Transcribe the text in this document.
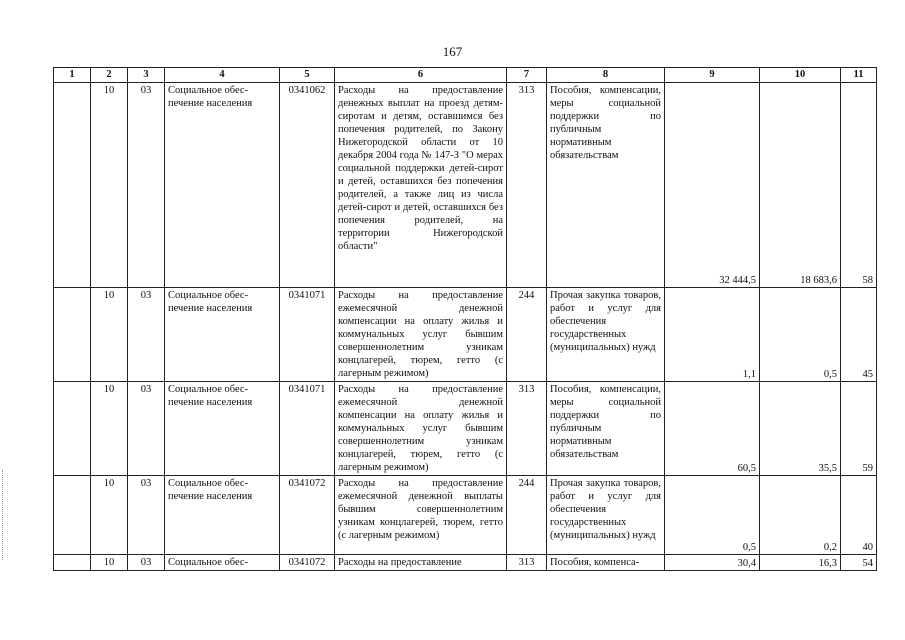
167
1	2	3	4	5	6	7	8	9	10	11
	10	03	Социальное обес-печение населения	0341062	Расходы на предоставление денежных выплат на проезд детям-сиротам и детям, оставшимся без попечения родителей, по Закону Нижегородской области от 10 декабря 2004 года № 147-З "О мерах социальной поддержки детей-сирот и детей, оставшихся без попечения родителей, а также лиц из числа детей-сирот и детей, оставшихся без попечения родителей, на территории Нижегородской области"	313	Пособия, компенсации, меры социальной поддержки по публичным нормативным обязательствам	32 444,5	18 683,6	58
	10	03	Социальное обес-печение населения	0341071	Расходы на предоставление ежемесячной денежной компенсации на оплату жилья и коммунальных услуг бывшим совершеннолетним узникам концлагерей, тюрем, гетто (с лагерным режимом)	244	Прочая закупка товаров, работ и услуг для обеспечения государственных (муниципальных) нужд	1,1	0,5	45
	10	03	Социальное обес-печение населения	0341071	Расходы на предоставление ежемесячной денежной компенсации на оплату жилья и коммунальных услуг бывшим совершеннолетним узникам концлагерей, тюрем, гетто (с лагерным режимом)	313	Пособия, компенсации, меры социальной поддержки по публичным нормативным обязательствам	60,5	35,5	59
	10	03	Социальное обес-печение населения	0341072	Расходы на предоставление ежемесячной денежной выплаты бывшим совершеннолетним узникам концлагерей, тюрем, гетто (с лагерным режимом)	244	Прочая закупка товаров, работ и услуг для обеспечения государственных (муниципальных) нужд	0,5	0,2	40
	10	03	Социальное обес-	0341072	Расходы на предоставление	313	Пособия, компенса-	30,4	16,3	54
